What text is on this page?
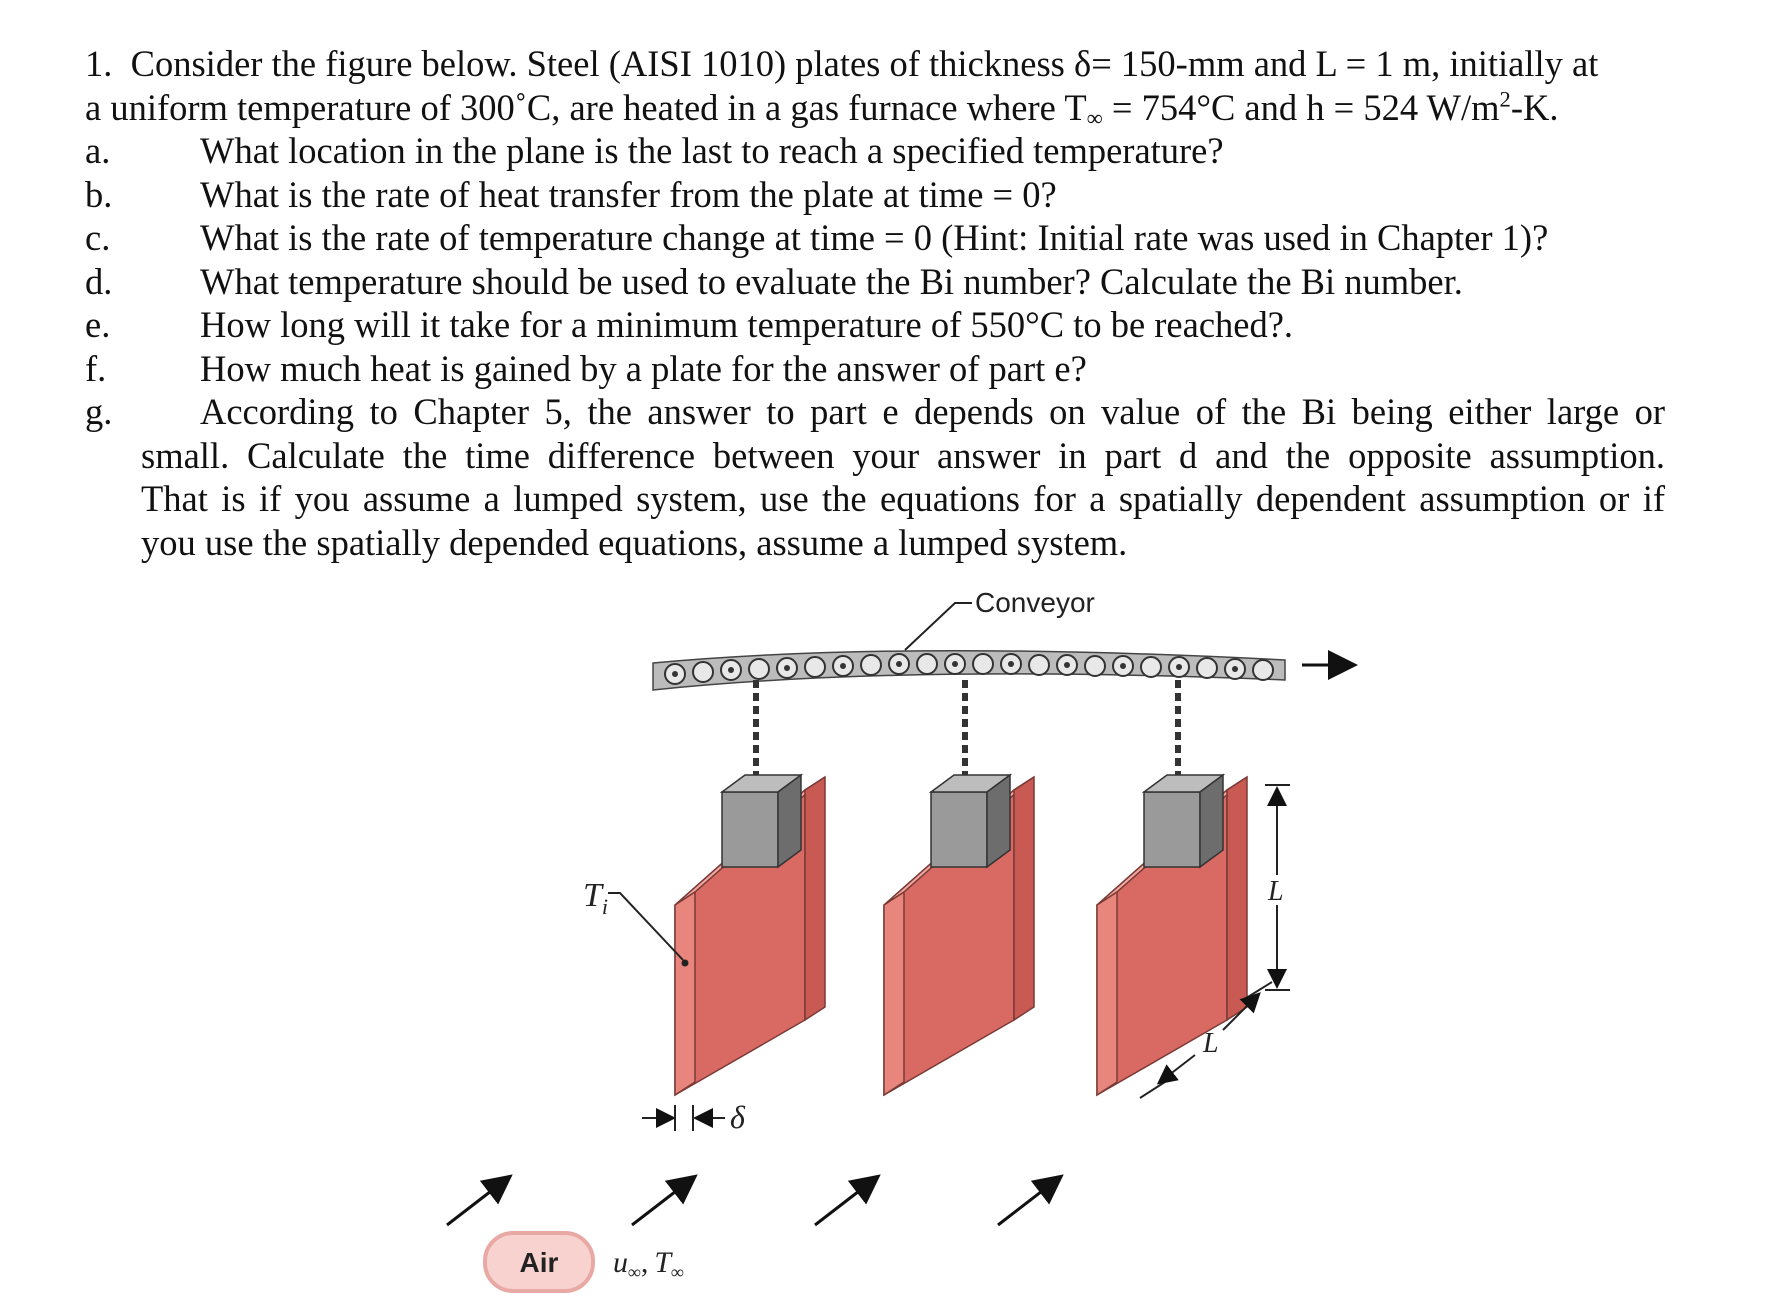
1. Consider the figure below. Steel (AISI 1010) plates of thickness δ= 150-mm and L = 1 m, initially at
a uniform temperature of 300˚C, are heated in a gas furnace where $T_\infty = 754^\circ C$ and h = 524 $W/m^2-K$.
a.	What location in the plane is the last to reach a specified temperature?
b.	What is the rate of heat transfer from the plate at time = 0?
c.	What is the rate of temperature change at time = 0 (Hint: Initial rate was used in Chapter 1)?
d.	What temperature should be used to evaluate the Bi number? Calculate the Bi number.
e.	How long will it take for a minimum temperature of 550°C to be reached?.
f.	How much heat is gained by a plate for the answer of part e?
g.	According to Chapter 5, the answer to part e depends on value of the Bi being either large or
small. Calculate the time difference between your answer in part d and the opposite assumption.
That is if you assume a lumped system, use the equations for a spatially dependent assumption or if
you use the spatially depended equations, assume a lumped system.
Conveyor
$T_i$
δ
L
L
Air $u_\infty$, $T_\infty$
